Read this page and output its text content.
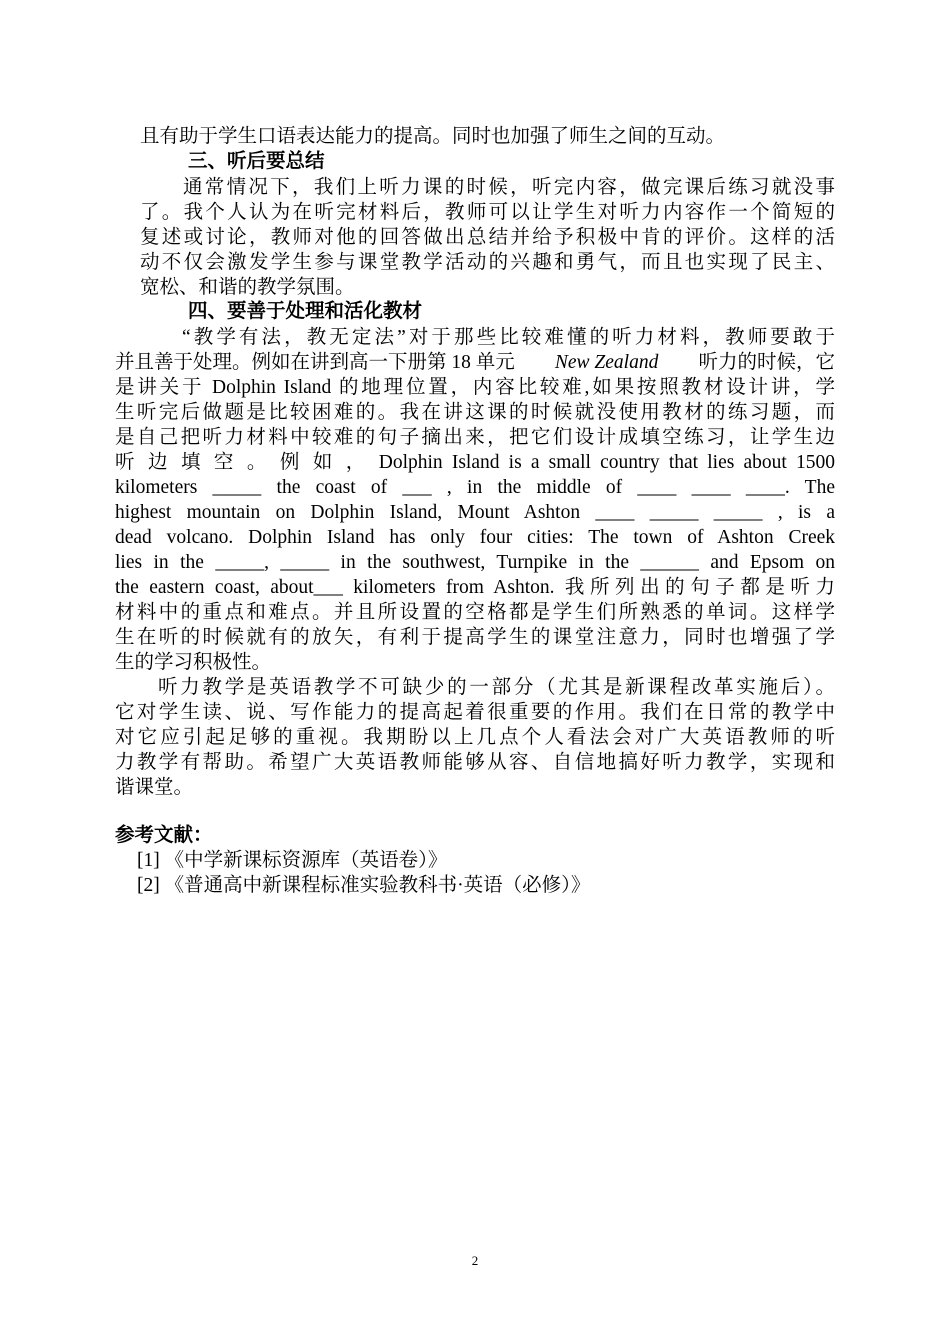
且有助于学生口语表达能力的提高。同时也加强了师生之间的互动。
三、听后要总结
通常情况下，我们上听力课的时候，听完内容，做完课后练习就没事
了。我个人认为在听完材料后，教师可以让学生对听力内容作一个简短的
复述或讨论，教师对他的回答做出总结并给予积极中肯的评价。这样的活
动不仅会激发学生参与课堂教学活动的兴趣和勇气，而且也实现了民主、
宽松、和谐的教学氛围。
四、要善于处理和活化教材
“教学有法，教无定法”对于那些比较难懂的听力材料，教师要敢于
并且善于处理。例如在讲到高一下册第 18 单元 New Zealand 听力的时候，它
是讲关于 Dolphin Island 的地理位置，内容比较难,如果按照教材设计讲，学
生听完后做题是比较困难的。我在讲这课的时候就没使用教材的练习题，而
是自己把听力材料中较难的句子摘出来，把它们设计成填空练习，让学生边
听 边 填 空 。 例 如 ， Dolphin Island is a small country that lies about 1500
kilometers _____ the coast of ___ , in the middle of ____ ____ ____. The
highest mountain on Dolphin Island, Mount Ashton ____ _____ _____ , is a
dead volcano. Dolphin Island has only four cities: The town of Ashton Creek
lies in the _____, _____ in the southwest, Turnpike in the ______ and Epsom on
the eastern coast, about___ kilometers from Ashton. 我所列出的句子都是听力
材料中的重点和难点。并且所设置的空格都是学生们所熟悉的单词。这样学
生在听的时候就有的放矢，有利于提高学生的课堂注意力，同时也增强了学
生的学习积极性。
听力教学是英语教学不可缺少的一部分（尤其是新课程改革实施后）。
它对学生读、说、写作能力的提高起着很重要的作用。我们在日常的教学中
对它应引起足够的重视。我期盼以上几点个人看法会对广大英语教师的听
力教学有帮助。希望广大英语教师能够从容、自信地搞好听力教学，实现和
谐课堂。
参考文献：
[1] 《中学新课标资源库（英语卷）》
[2] 《普通高中新课程标准实验教科书·英语（必修）》
2
